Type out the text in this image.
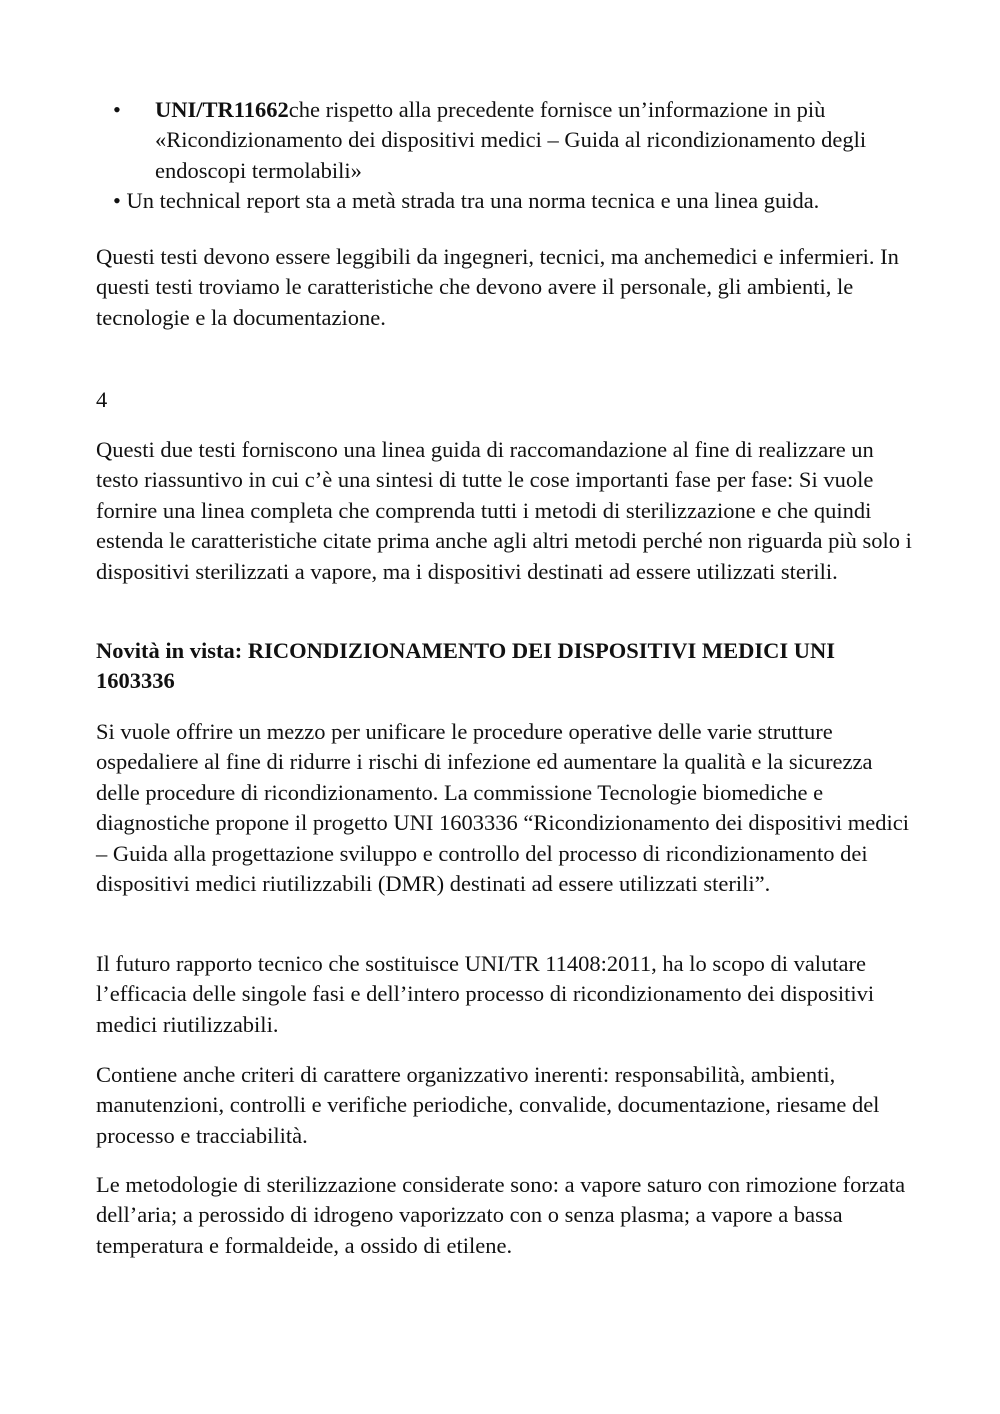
•	UNI/TR11662che rispetto alla precedente fornisce un’informazione in più «Ricondizionamento dei dispositivi medici – Guida al ricondizionamento degli endoscopi termolabili»
• Un technical report sta a metà strada tra una norma tecnica e una linea guida.

Questi testi devono essere leggibili da ingegneri, tecnici, ma anchemedici e infermieri. In questi testi troviamo le caratteristiche che devono avere il personale, gli ambienti, le tecnologie e la documentazione.

4

Questi due testi forniscono una linea guida di raccomandazione al fine di realizzare un testo riassuntivo in cui c’è una sintesi di tutte le cose importanti fase per fase: Si vuole fornire una linea completa che comprenda tutti i metodi di sterilizzazione e che quindi estenda le caratteristiche citate prima anche agli altri metodi perché non riguarda più solo i dispositivi sterilizzati a vapore, ma i dispositivi destinati ad essere utilizzati sterili.

Novità in vista: RICONDIZIONAMENTO DEI DISPOSITIVI MEDICI UNI 1603336

Si vuole offrire un mezzo per unificare le procedure operative delle varie strutture ospedaliere al fine di ridurre i rischi di infezione ed aumentare la qualità e la sicurezza delle procedure di ricondizionamento. La commissione Tecnologie biomediche e diagnostiche propone il progetto UNI 1603336 “Ricondizionamento dei dispositivi medici – Guida alla progettazione sviluppo e controllo del processo di ricondizionamento dei dispositivi medici riutilizzabili (DMR) destinati ad essere utilizzati sterili”.

Il futuro rapporto tecnico che sostituisce UNI/TR 11408:2011, ha lo scopo di valutare l’efficacia delle singole fasi e dell’intero processo di ricondizionamento dei dispositivi medici riutilizzabili.

Contiene anche criteri di carattere organizzativo inerenti: responsabilità, ambienti, manutenzioni, controlli e verifiche periodiche, convalide, documentazione, riesame del processo e tracciabilità.

Le metodologie di sterilizzazione considerate sono: a vapore saturo con rimozione forzata dell’aria; a perossido di idrogeno vaporizzato con o senza plasma; a vapore a bassa temperatura e formaldeide, a ossido di etilene.
